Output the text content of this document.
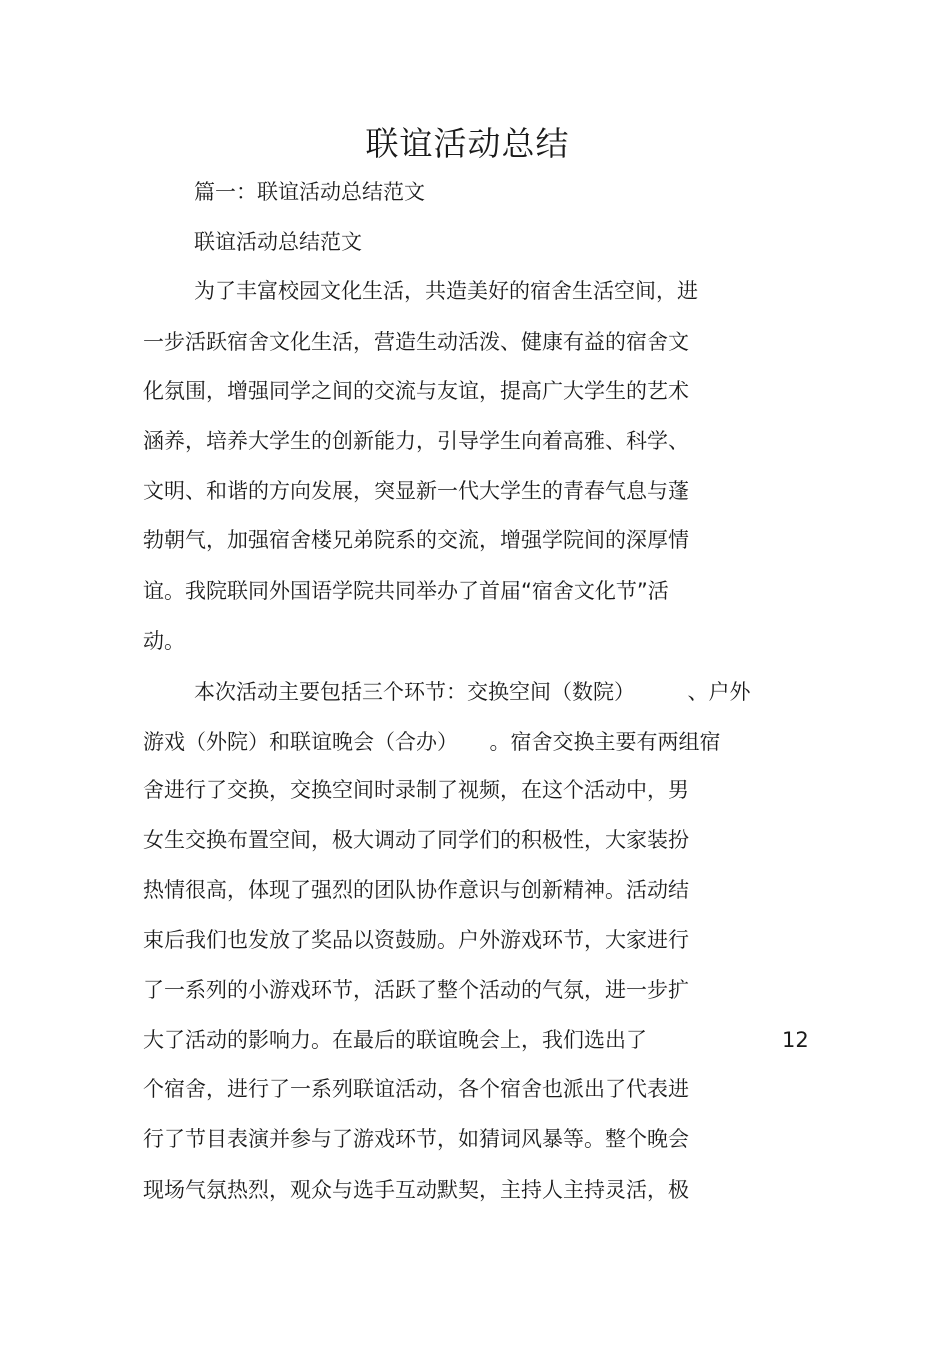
联谊活动总结
篇一：联谊活动总结范文
联谊活动总结范文
为了丰富校园文化生活，共造美好的宿舍生活空间，进
一步活跃宿舍文化生活，营造生动活泼、健康有益的宿舍文
化氛围，增强同学之间的交流与友谊，提高广大学生的艺术
涵养，培养大学生的创新能力，引导学生向着高雅、科学、
文明、和谐的方向发展，突显新一代大学生的青春气息与蓬
勃朝气，加强宿舍楼兄弟院系的交流，增强学院间的深厚情
谊。我院联同外国语学院共同举办了首届“宿舍文化节”活
动。
本次活动主要包括三个环节：交换空间（数院）　　　、户外
游戏（外院）和联谊晚会（合办）　　。宿舍交换主要有两组宿
舍进行了交换，交换空间时录制了视频，在这个活动中，男
女生交换布置空间，极大调动了同学们的积极性，大家装扮
热情很高，体现了强烈的团队协作意识与创新精神。活动结
束后我们也发放了奖品以资鼓励。户外游戏环节，大家进行
了一系列的小游戏环节，活跃了整个活动的气氛，进一步扩
大了活动的影响力。在最后的联谊晚会上，我们选出了	12
个宿舍，进行了一系列联谊活动，各个宿舍也派出了代表进
行了节目表演并参与了游戏环节，如猜词风暴等。整个晚会
现场气氛热烈，观众与选手互动默契，主持人主持灵活，极
